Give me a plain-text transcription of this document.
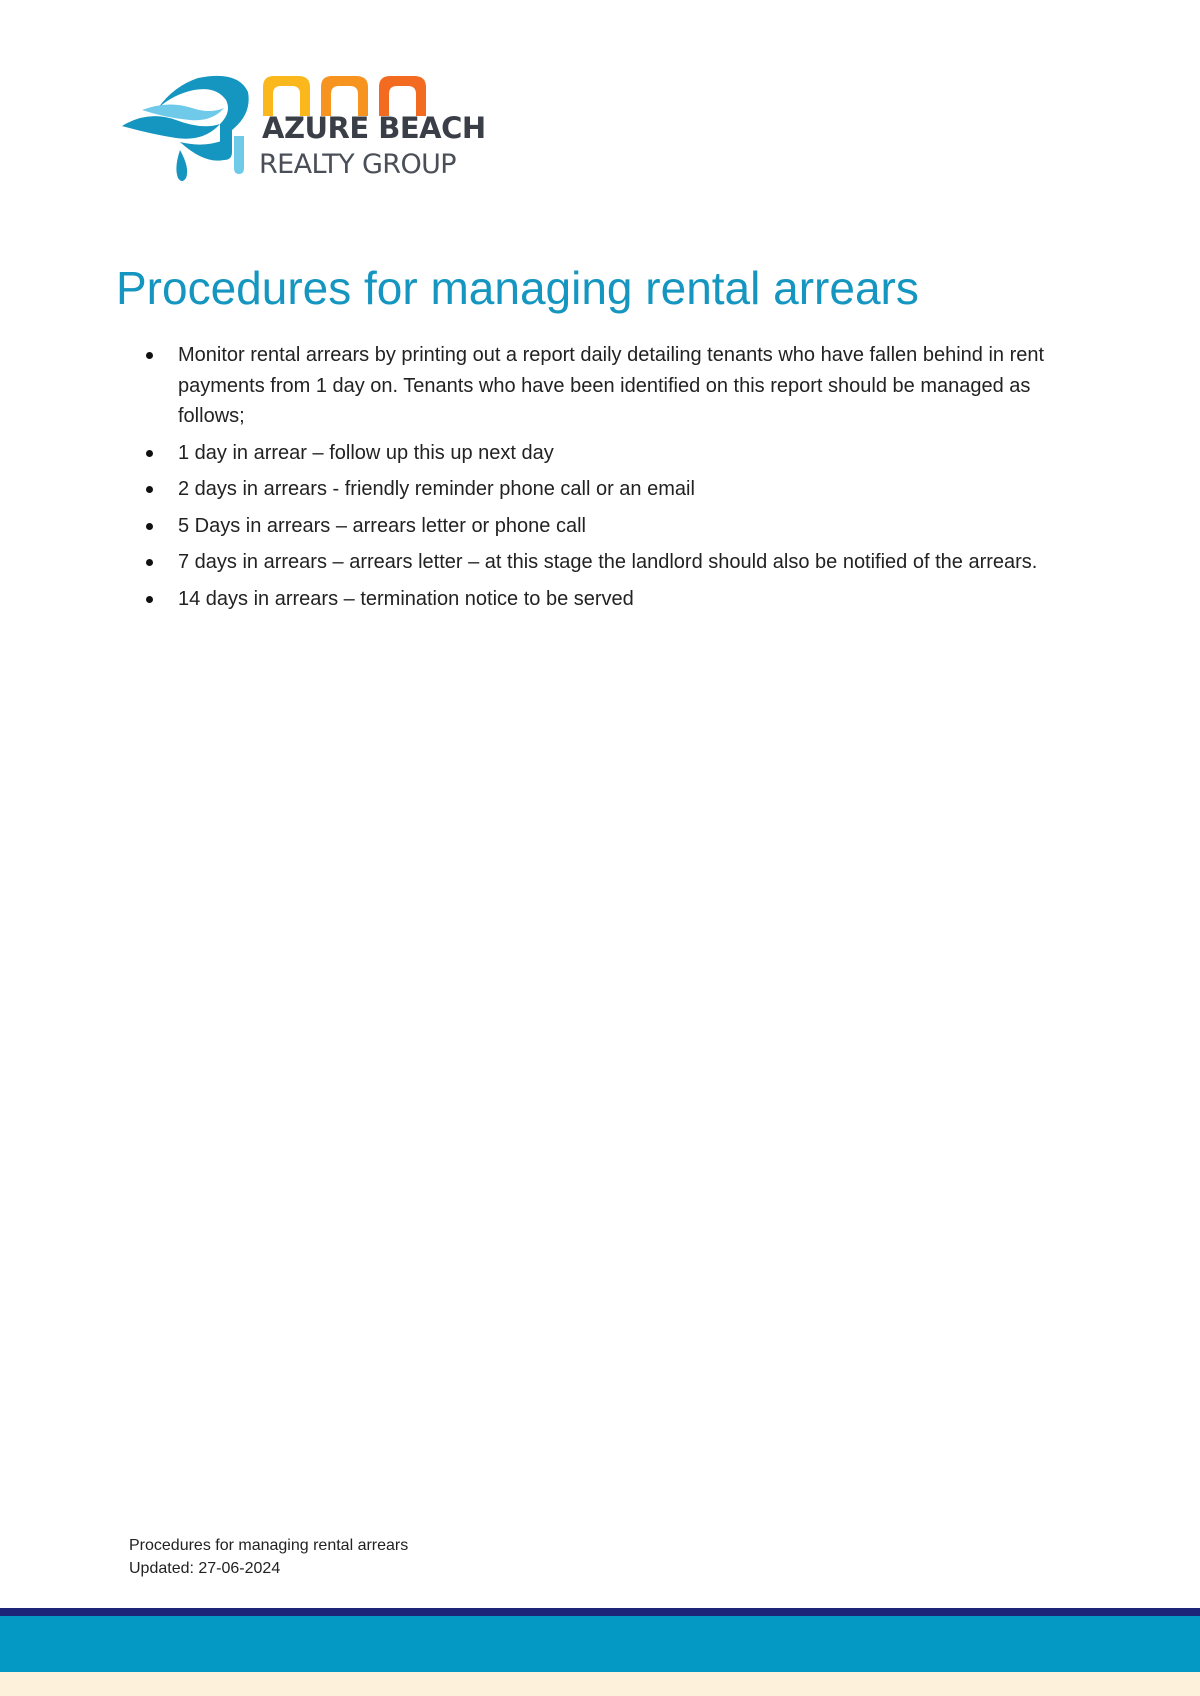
AZURE BEACH
REALTY GROUP
Procedures for managing rental arrears
Monitor rental arrears by printing out a report daily detailing tenants who have fallen behind in rent payments from 1 day on. Tenants who have been identified on this report should be managed as follows;
1 day in arrear – follow up this up next day
2 days in arrears - friendly reminder phone call or an email
5 Days in arrears – arrears letter or phone call
7 days in arrears – arrears letter – at this stage the landlord should also be notified of the arrears.
14 days in arrears – termination notice to be served
Procedures for managing rental arrears
Updated: 27-06-2024
